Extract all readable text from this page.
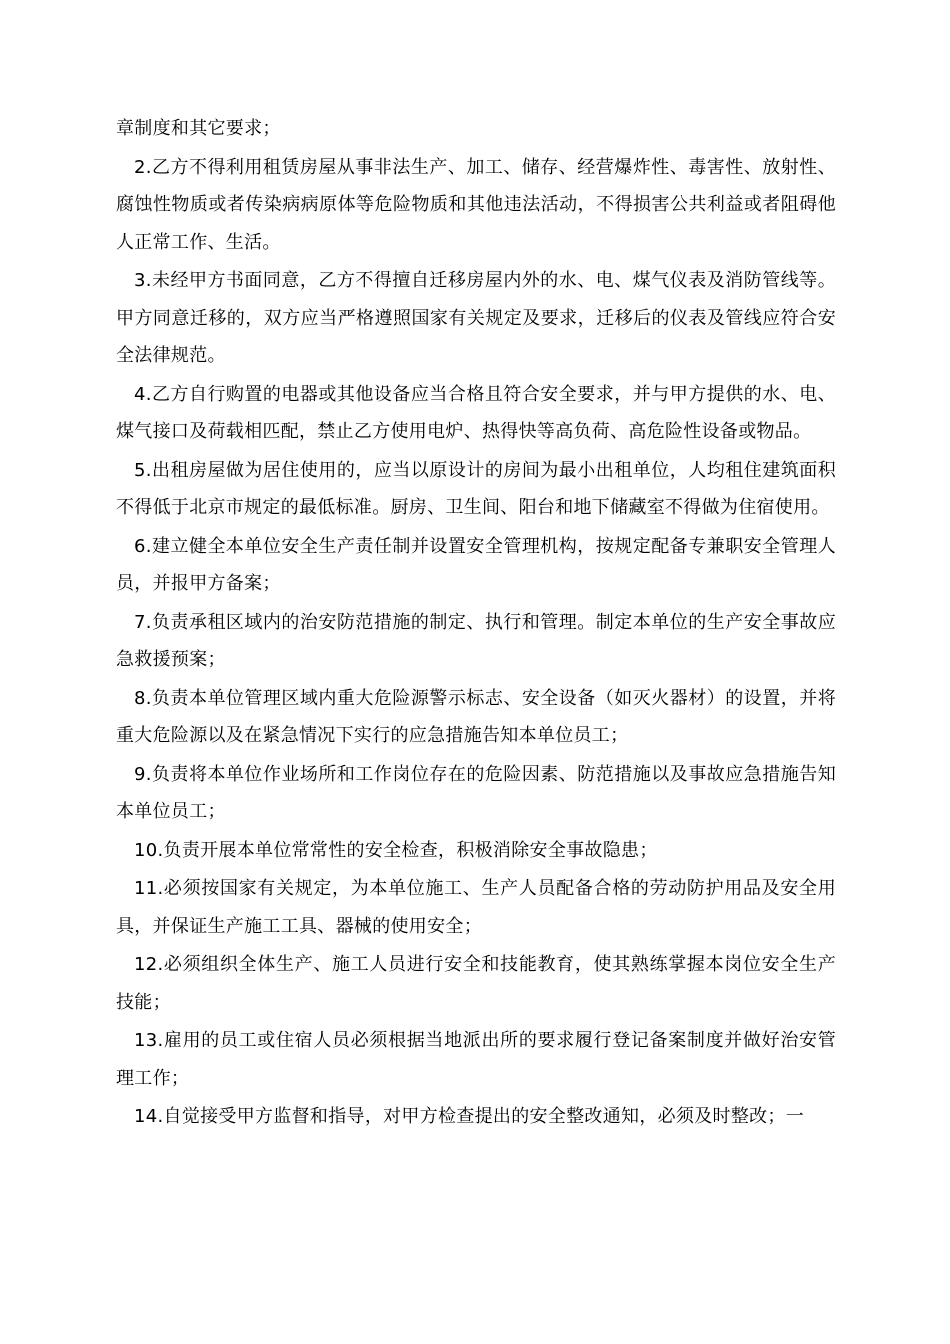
章制度和其它要求；

2.乙方不得利用租赁房屋从事非法生产、加工、储存、经营爆炸性、毒害性、放射性、腐蚀性物质或者传染病病原体等危险物质和其他违法活动，不得损害公共利益或者阻碍他人正常工作、生活。

3.未经甲方书面同意，乙方不得擅自迁移房屋内外的水、电、煤气仪表及消防管线等。甲方同意迁移的，双方应当严格遵照国家有关规定及要求，迁移后的仪表及管线应符合安全法律规范。

4.乙方自行购置的电器或其他设备应当合格且符合安全要求，并与甲方提供的水、电、煤气接口及荷载相匹配，禁止乙方使用电炉、热得快等高负荷、高危险性设备或物品。

5.出租房屋做为居住使用的，应当以原设计的房间为最小出租单位，人均租住建筑面积不得低于北京市规定的最低标准。厨房、卫生间、阳台和地下储藏室不得做为住宿使用。

6.建立健全本单位安全生产责任制并设置安全管理机构，按规定配备专兼职安全管理人员，并报甲方备案；

7.负责承租区域内的治安防范措施的制定、执行和管理。制定本单位的生产安全事故应急救援预案；

8.负责本单位管理区域内重大危险源警示标志、安全设备（如灭火器材）的设置，并将重大危险源以及在紧急情况下实行的应急措施告知本单位员工；

9.负责将本单位作业场所和工作岗位存在的危险因素、防范措施以及事故应急措施告知本单位员工；

10.负责开展本单位常常性的安全检查，积极消除安全事故隐患；

11.必须按国家有关规定，为本单位施工、生产人员配备合格的劳动防护用品及安全用具，并保证生产施工工具、器械的使用安全；

12.必须组织全体生产、施工人员进行安全和技能教育，使其熟练掌握本岗位安全生产技能；

13.雇用的员工或住宿人员必须根据当地派出所的要求履行登记备案制度并做好治安管理工作；

14.自觉接受甲方监督和指导，对甲方检查提出的安全整改通知，必须及时整改；一
